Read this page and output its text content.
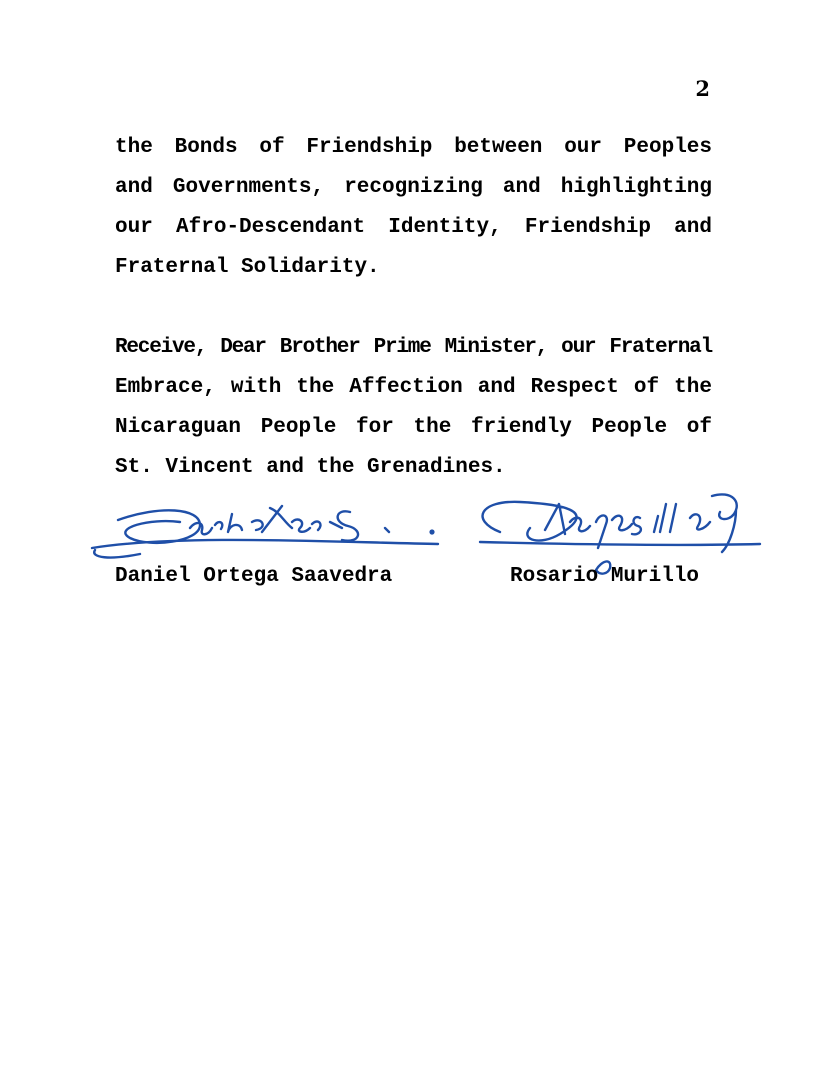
2
the Bonds of Friendship between our Peoples
and Governments, recognizing and highlighting
our Afro-Descendant Identity, Friendship and
Fraternal Solidarity.
Receive, Dear Brother Prime Minister, our Fraternal
Embrace, with the Affection and Respect of the
Nicaraguan People for the friendly People of
St. Vincent and the Grenadines.
Daniel Ortega Saavedra	Rosario Murillo
